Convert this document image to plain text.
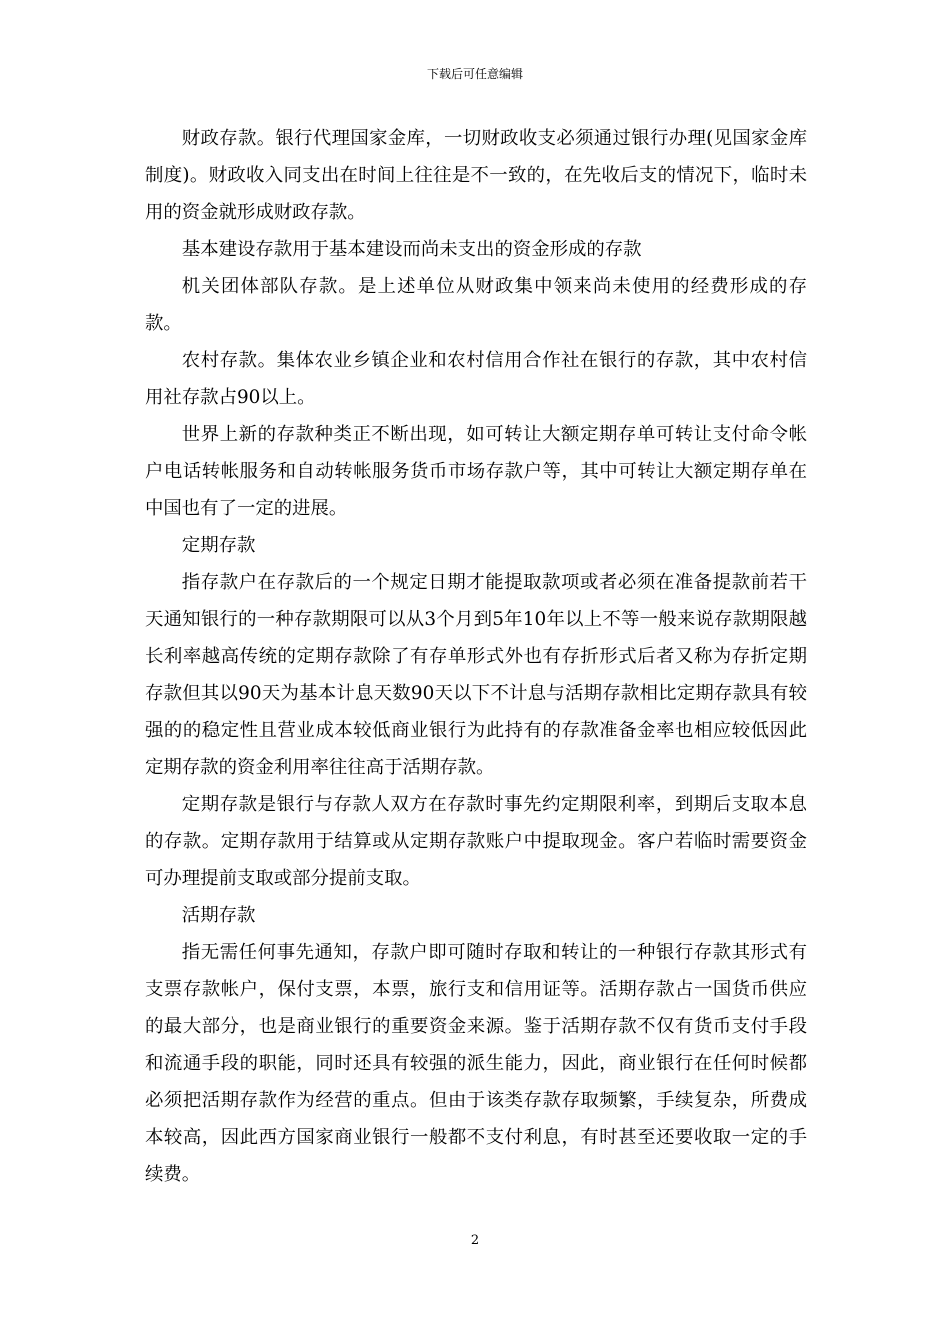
下载后可任意编辑

财政存款。银行代理国家金库，一切财政收支必须通过银行办理(见国家金库制度)。财政收入同支出在时间上往往是不一致的，在先收后支的情况下，临时未用的资金就形成财政存款。

基本建设存款用于基本建设而尚未支出的资金形成的存款

机关团体部队存款。是上述单位从财政集中领来尚未使用的经费形成的存款。

农村存款。集体农业乡镇企业和农村信用合作社在银行的存款，其中农村信用社存款占90以上。

世界上新的存款种类正不断出现，如可转让大额定期存单可转让支付命令帐户电话转帐服务和自动转帐服务货币市场存款户等，其中可转让大额定期存单在中国也有了一定的进展。

定期存款

指存款户在存款后的一个规定日期才能提取款项或者必须在准备提款前若干天通知银行的一种存款期限可以从3个月到5年10年以上不等一般来说存款期限越长利率越高传统的定期存款除了有存单形式外也有存折形式后者又称为存折定期存款但其以90天为基本计息天数90天以下不计息与活期存款相比定期存款具有较强的的稳定性且营业成本较低商业银行为此持有的存款准备金率也相应较低因此定期存款的资金利用率往往高于活期存款。

定期存款是银行与存款人双方在存款时事先约定期限利率，到期后支取本息的存款。定期存款用于结算或从定期存款账户中提取现金。客户若临时需要资金可办理提前支取或部分提前支取。

活期存款

指无需任何事先通知，存款户即可随时存取和转让的一种银行存款其形式有支票存款帐户，保付支票，本票，旅行支和信用证等。活期存款占一国货币供应的最大部分，也是商业银行的重要资金来源。鉴于活期存款不仅有货币支付手段和流通手段的职能，同时还具有较强的派生能力，因此，商业银行在任何时候都必须把活期存款作为经营的重点。但由于该类存款存取频繁，手续复杂，所费成本较高，因此西方国家商业银行一般都不支付利息，有时甚至还要收取一定的手续费。

2
